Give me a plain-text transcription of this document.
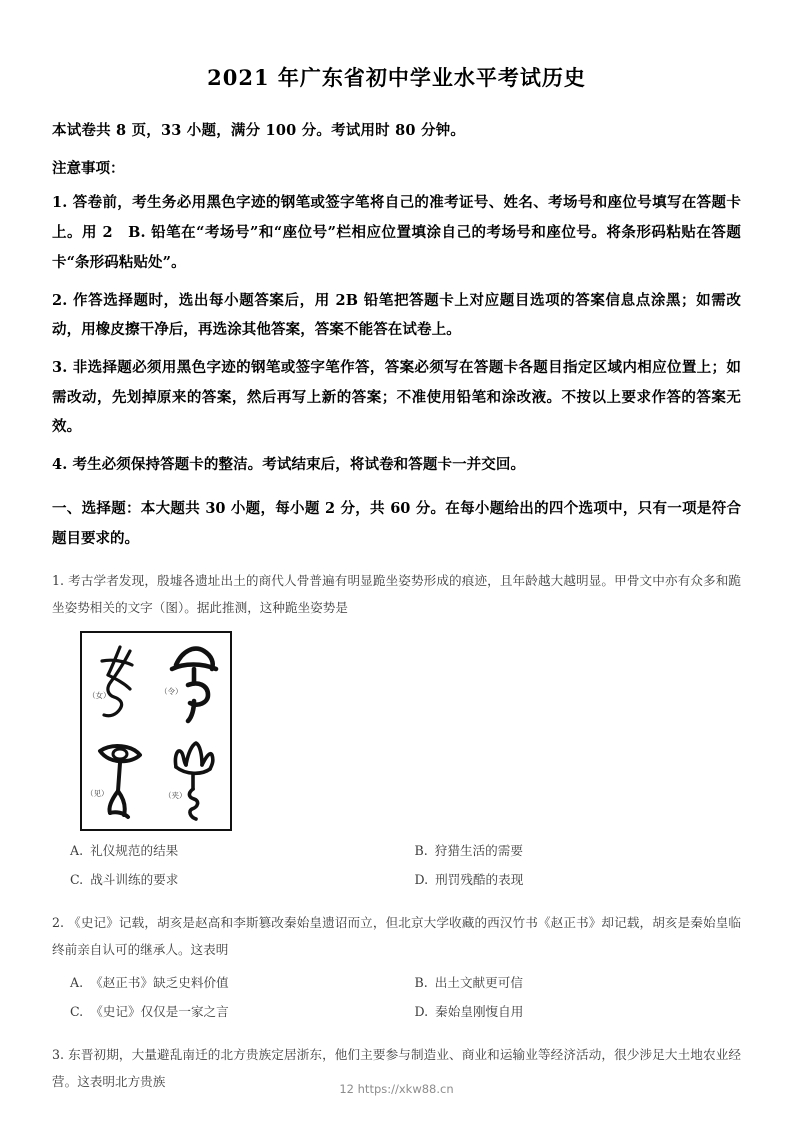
2021 年广东省初中学业水平考试历史
本试卷共 8 页，33 小题，满分 100 分。考试用时 80 分钟。
注意事项：
1. 答卷前，考生务必用黑色字迹的钢笔或签字笔将自己的准考证号、姓名、考场号和座位号填写在答题卡上。用 2　B. 铅笔在“考场号”和“座位号”栏相应位置填涂自己的考场号和座位号。将条形码粘贴在答题卡“条形码粘贴处”。
2. 作答选择题时，选出每小题答案后，用 2B 铅笔把答题卡上对应题目选项的答案信息点涂黑；如需改动，用橡皮擦干净后，再选涂其他答案，答案不能答在试卷上。
3. 非选择题必须用黑色字迹的钢笔或签字笔作答，答案必须写在答题卡各题目指定区域内相应位置上；如需改动，先划掉原来的答案，然后再写上新的答案；不准使用铅笔和涂改液。不按以上要求作答的答案无效。
4. 考生必须保持答题卡的整洁。考试结束后，将试卷和答题卡一并交回。
一、选择题：本大题共 30 小题，每小题 2 分，共 60 分。在每小题给出的四个选项中，只有一项是符合题目要求的。
1. 考古学者发现，殷墟各遗址出土的商代人骨普遍有明显跪坐姿势形成的痕迹，且年龄越大越明显。甲骨文中亦有众多和跪坐姿势相关的文字（图）。据此推测，这种跪坐姿势是
（女）	（令）
（见）	（夹）
A. 礼仪规范的结果	B. 狩猎生活的需要
C. 战斗训练的要求	D. 刑罚残酷的表现
2. 《史记》记载，胡亥是赵高和李斯篡改秦始皇遗诏而立，但北京大学收藏的西汉竹书《赵正书》却记载，胡亥是秦始皇临终前亲自认可的继承人。这表明
A. 《赵正书》缺乏史料价值	B. 出土文献更可信
C. 《史记》仅仅是一家之言	D. 秦始皇刚愎自用
3. 东晋初期，大量避乱南迁的北方贵族定居浙东，他们主要参与制造业、商业和运输业等经济活动，很少涉足大土地农业经营。这表明北方贵族	12 https://xkw88.cn
